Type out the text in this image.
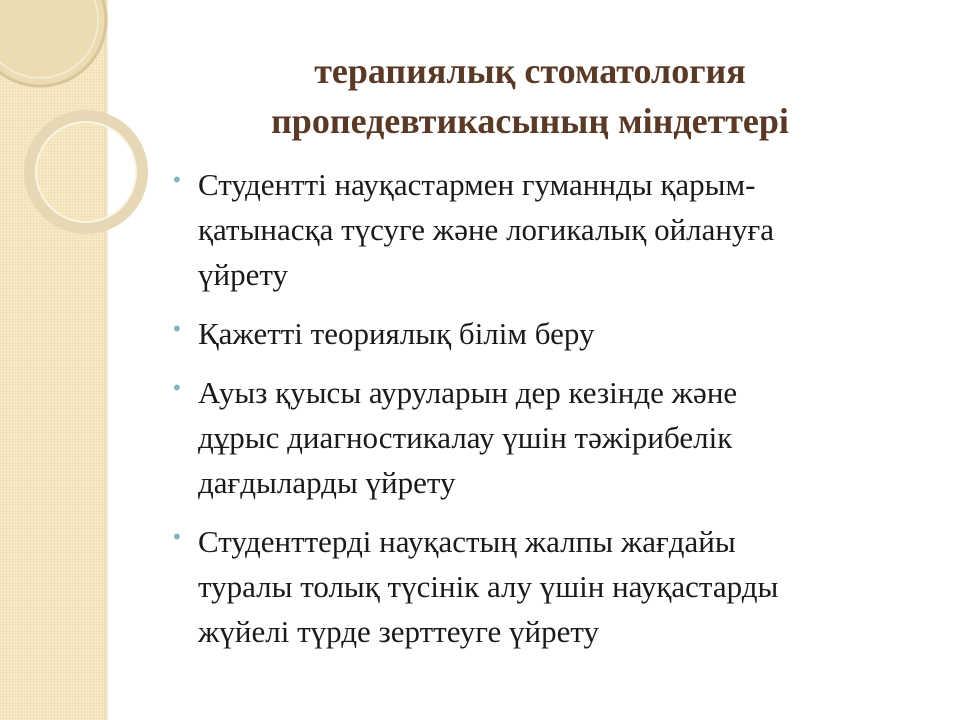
терапиялық стоматология
пропедевтикасының міндеттері
• Студентті науқастармен гуманнды қарым-
қатынасқа түсуге және логикалық ойлануға
үйрету
• Қажетті теориялық білім беру
• Ауыз қуысы ауруларын дер кезінде және
дұрыс диагностикалау үшін тәжірибелік
дағдыларды үйрету
• Студенттерді науқастың жалпы жағдайы
туралы толық түсінік алу үшін науқастарды
жүйелі түрде зерттеуге үйрету
